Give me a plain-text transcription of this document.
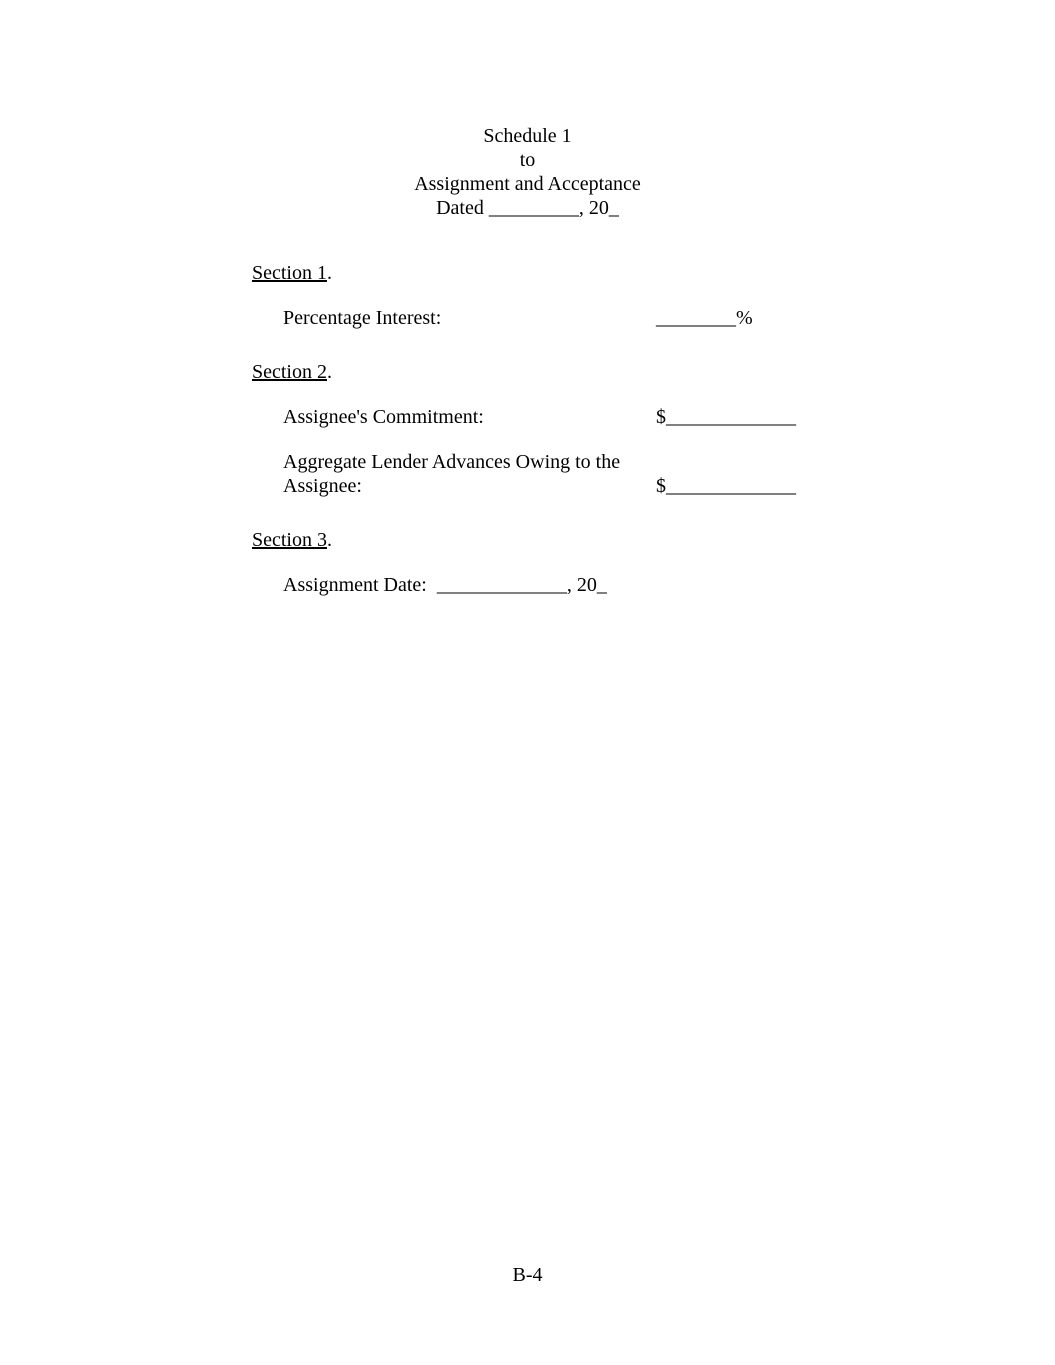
Schedule 1
to
Assignment and Acceptance
Dated _________, 20_
Section 1.
Percentage Interest:	________%
Section 2.
Assignee's Commitment:	$_____________
Aggregate Lender Advances Owing to the
Assignee:	$_____________
Section 3.
Assignment Date:  _____________, 20_
B-4
